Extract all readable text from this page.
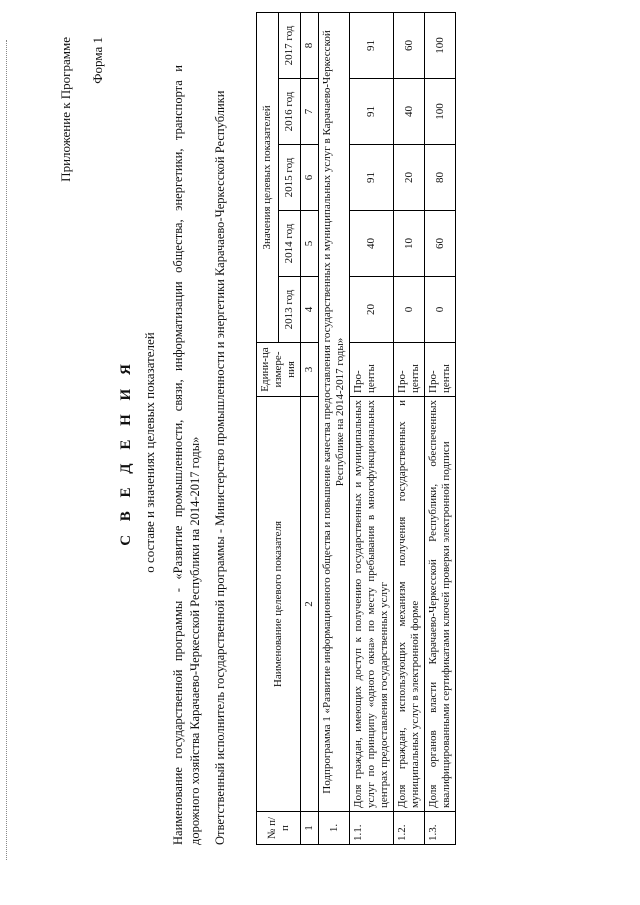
Приложение к Программе Форма 1
С В Е Д Е Н И Я о составе и значениях целевых показателей Наименование государственной программы - «Развитие промышленности, связи, информатизации общества, энергетики, транспорта и дорожного хозяйства Карачаево-Черкесской Республики на 2014-2017 годы» Ответственный исполнитель государственной программы - Министерство промышленности и энергетики Карачаево-Черкесской Республики	№ п/п	Наименование целевого показателя	Едини-ца измере-ния	Значения целевых показателей				
			2013 год	2014 год	2015 год	2016 год	2017 год
1	2	3	4	5	6	7	8
1.	Подпрограмма 1 «Развитие информационного общества и повышение качества предоставления государственных и муниципальных услуг в Карачаево-Черкесской Республике на 2014-2017 годы»						
1.1.	Доля граждан, имеющих доступ к получению государственных и муниципальных услуг по принципу «одного окна» по месту пребывания в многофункциональных центрах предоставления государственных услуг	Про-центы	20	40	91	91	91
1.2.	Доля граждан, использующих механизм получения государственных и муниципальных услуг в электронной форме	Про-центы	0	10	20	40	60
1.3.	Доля органов власти Карачаево-Черкесской Республики, обеспеченных квалифицированными сертификатами ключей проверки электронной подписи	Про-центы	0	60	80	100	100
